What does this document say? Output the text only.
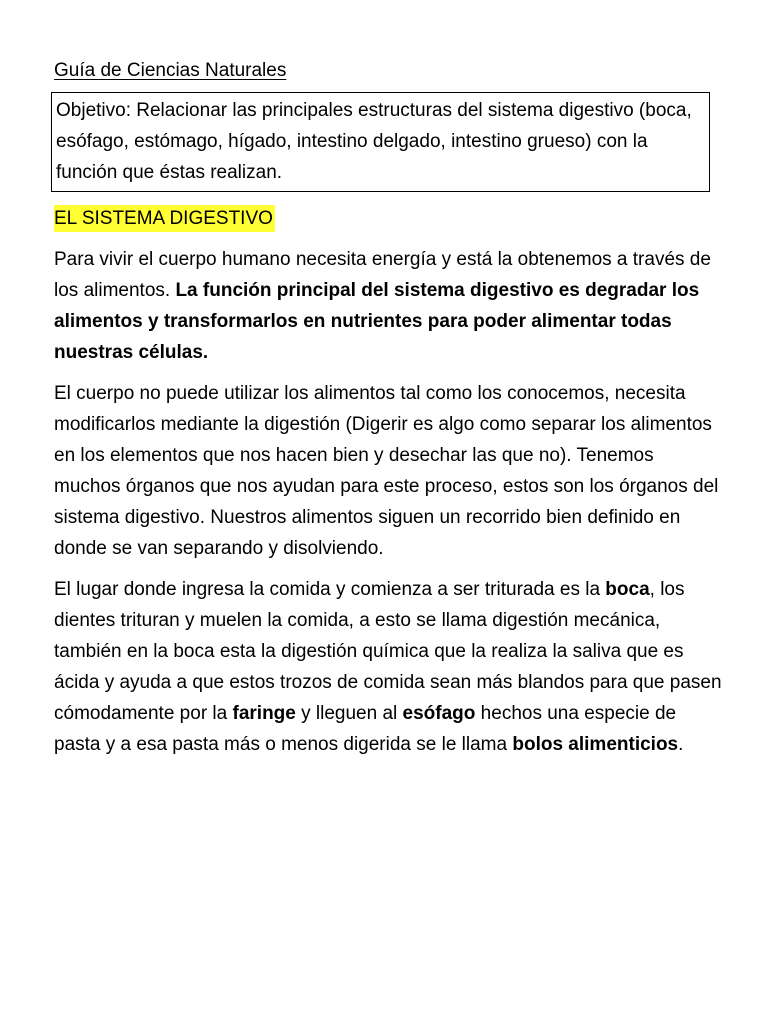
Guía de Ciencias Naturales
Objetivo: Relacionar las principales estructuras del sistema digestivo (boca, esófago, estómago, hígado, intestino delgado, intestino grueso) con la función que éstas realizan.
EL SISTEMA DIGESTIVO

Para vivir el cuerpo humano necesita energía y está la obtenemos a través de los alimentos. La función principal del sistema digestivo es degradar los alimentos y transformarlos en nutrientes para poder alimentar todas nuestras células.

El cuerpo no puede utilizar los alimentos tal como los conocemos, necesita modificarlos mediante la digestión (Digerir es algo como separar los alimentos en los elementos que nos hacen bien y desechar las que no). Tenemos muchos órganos que nos ayudan para este proceso, estos son los órganos del sistema digestivo. Nuestros alimentos siguen un recorrido bien definido en donde se van separando y disolviendo.

El lugar donde ingresa la comida y comienza a ser triturada es la boca, los dientes trituran y muelen la comida, a esto se llama digestión mecánica, también en la boca esta la digestión química que la realiza la saliva que es ácida y ayuda a que estos trozos de comida sean más blandos para que pasen cómodamente por la faringe y lleguen al esófago hechos una especie de pasta y a esa pasta más o menos digerida se le llama bolos alimenticios.
